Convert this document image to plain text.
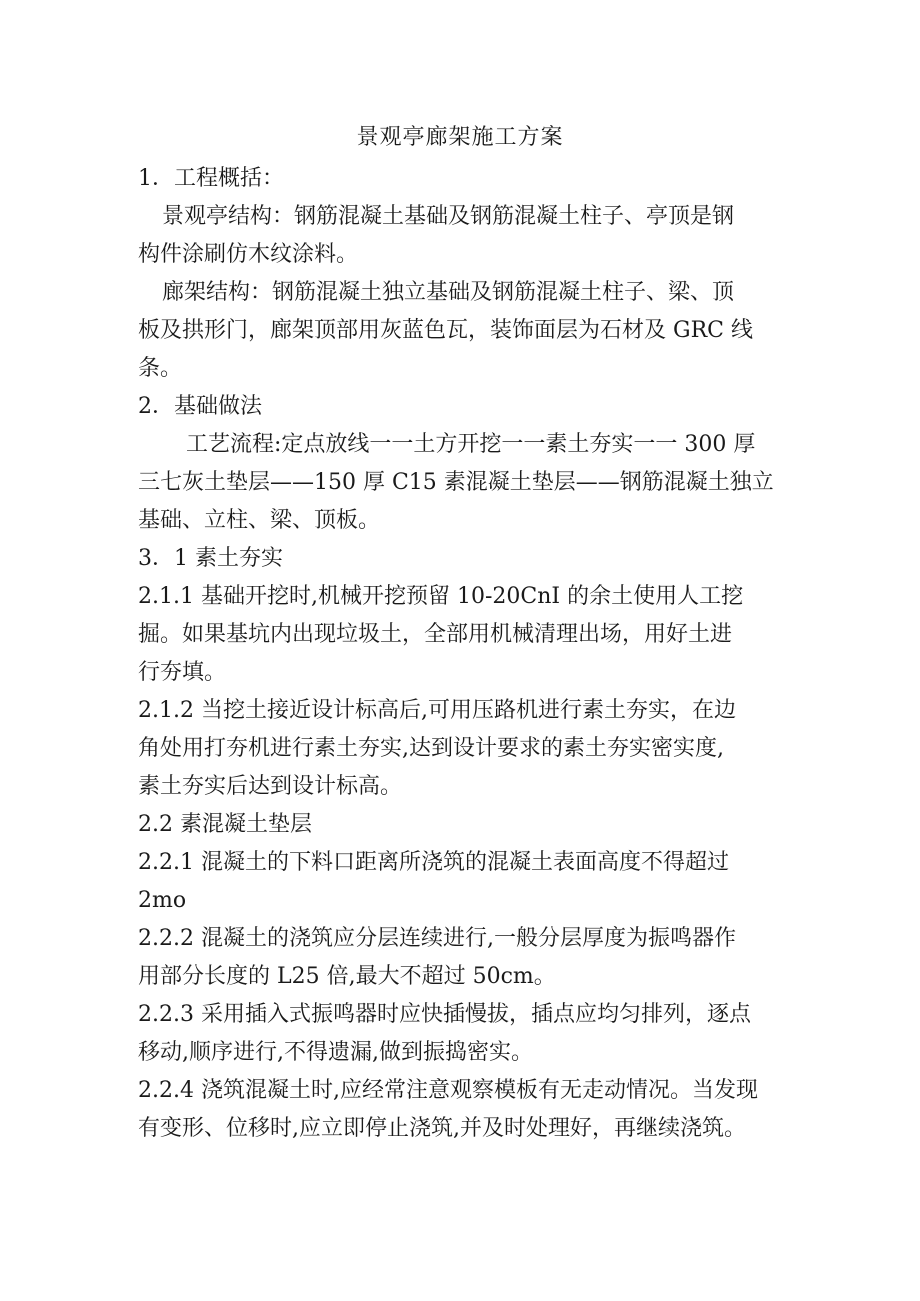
景观亭廊架施工方案

1．工程概括：

景观亭结构：钢筋混凝土基础及钢筋混凝土柱子、亭顶是钢

构件涂刷仿木纹涂料。

廊架结构：钢筋混凝土独立基础及钢筋混凝土柱子、梁、顶

板及拱形门，廊架顶部用灰蓝色瓦，装饰面层为石材及 GRC 线

条。

2．基础做法

工艺流程:定点放线一一土方开挖一一素土夯实一一 300 厚

三七灰土垫层——150 厚 C15 素混凝土垫层——钢筋混凝土独立

基础、立柱、梁、顶板。

3．1 素土夯实

2.1.1 基础开挖时,机械开挖预留 10-20CnI 的余土使用人工挖

掘。如果基坑内出现垃圾土，全部用机械清理出场，用好土进

行夯填。

2.1.2 当挖土接近设计标高后,可用压路机进行素土夯实，在边

角处用打夯机进行素土夯实,达到设计要求的素土夯实密实度,

素土夯实后达到设计标高。

2.2 素混凝土垫层

2.2.1 混凝土的下料口距离所浇筑的混凝土表面高度不得超过

2mo

2.2.2 混凝土的浇筑应分层连续进行,一般分层厚度为振鸣器作

用部分长度的 L25 倍,最大不超过 50cm。

2.2.3 采用插入式振鸣器时应快插慢拔，插点应均匀排列，逐点

移动,顺序进行,不得遗漏,做到振捣密实。

2.2.4 浇筑混凝土时,应经常注意观察模板有无走动情况。当发现

有变形、位移时,应立即停止浇筑,并及时处理好，再继续浇筑。
